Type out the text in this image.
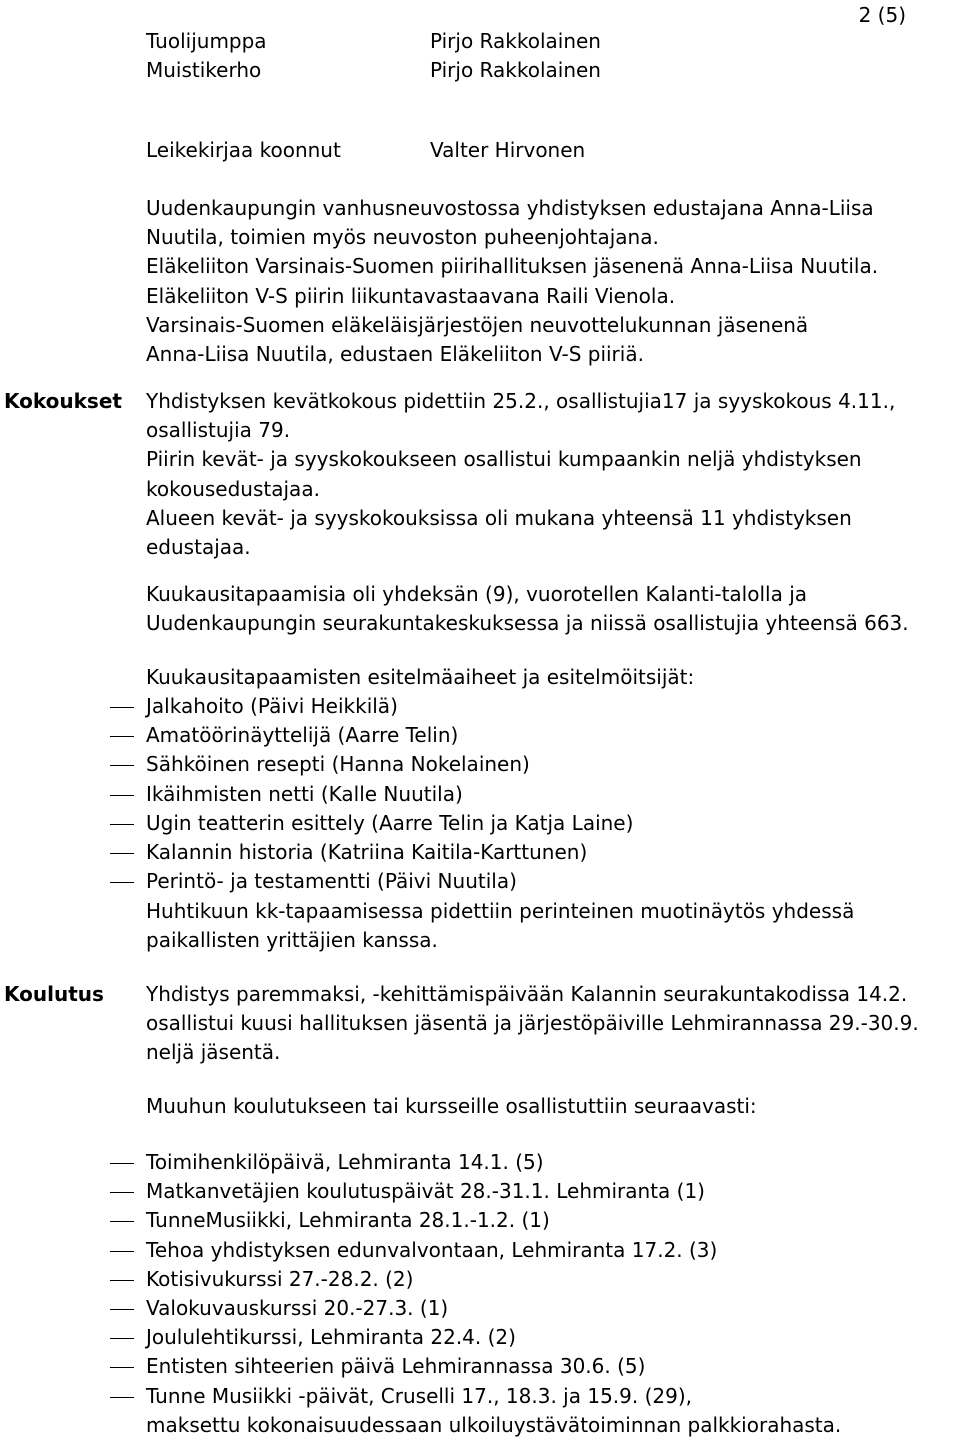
2 (5)
Tuolijumppa
Muistikerho
Pirjo Rakkolainen
Pirjo Rakkolainen
Leikekirjaa koonnut	Valter Hirvonen
Uudenkaupungin vanhusneuvostossa yhdistyksen edustajana Anna-Liisa
Nuutila, toimien myös neuvoston puheenjohtajana.
Eläkeliiton Varsinais-Suomen piirihallituksen jäsenenä Anna-Liisa Nuutila.
Eläkeliiton V-S piirin liikuntavastaavana Raili Vienola.
Varsinais-Suomen eläkeläisjärjestöjen neuvottelukunnan jäsenenä
Anna-Liisa Nuutila, edustaen Eläkeliiton V-S piiriä.
Kokoukset Yhdistyksen kevätkokous pidettiin 25.2., osallistujia17 ja syyskokous 4.11.,
osallistujia 79.
Piirin kevät- ja syyskokoukseen osallistui kumpaankin neljä yhdistyksen
kokousedustajaa.
Alueen kevät- ja syyskokouksissa oli mukana yhteensä 11 yhdistyksen
edustajaa.
Kuukausitapaamisia oli yhdeksän (9), vuorotellen Kalanti-talolla ja
Uudenkaupungin seurakuntakeskuksessa ja niissä osallistujia yhteensä 663.
Kuukausitapaamisten esitelmäaiheet ja esitelmöitsijät:
Jalkahoito (Päivi Heikkilä)
Amatöörinäyttelijä (Aarre Telin)
Sähköinen resepti (Hanna Nokelainen)
Ikäihmisten netti (Kalle Nuutila)
Ugin teatterin esittely (Aarre Telin ja Katja Laine)
Kalannin historia (Katriina Kaitila-Karttunen)
Perintö- ja testamentti (Päivi Nuutila)
Huhtikuun kk-tapaamisessa pidettiin perinteinen muotinäytös yhdessä
paikallisten yrittäjien kanssa.
Koulutus Yhdistys paremmaksi, -kehittämispäivään Kalannin seurakuntakodissa 14.2.
osallistui kuusi hallituksen jäsentä ja järjestöpäiville Lehmirannassa 29.-30.9.
neljä jäsentä.
Muuhun koulutukseen tai kursseille osallistuttiin seuraavasti:
Toimihenkilöpäivä, Lehmiranta 14.1. (5)
Matkanvetäjien koulutuspäivät 28.-31.1. Lehmiranta (1)
TunneMusiikki, Lehmiranta 28.1.-1.2. (1)
Tehoa yhdistyksen edunvalvontaan, Lehmiranta 17.2. (3)
Kotisivukurssi 27.-28.2. (2)
Valokuvauskurssi 20.-27.3. (1)
Joululehtikurssi, Lehmiranta 22.4. (2)
Entisten sihteerien päivä Lehmirannassa 30.6. (5)
Tunne Musiikki -päivät, Cruselli 17., 18.3. ja 15.9. (29),
maksettu kokonaisuudessaan ulkoiluystävätoiminnan palkkiorahasta.
